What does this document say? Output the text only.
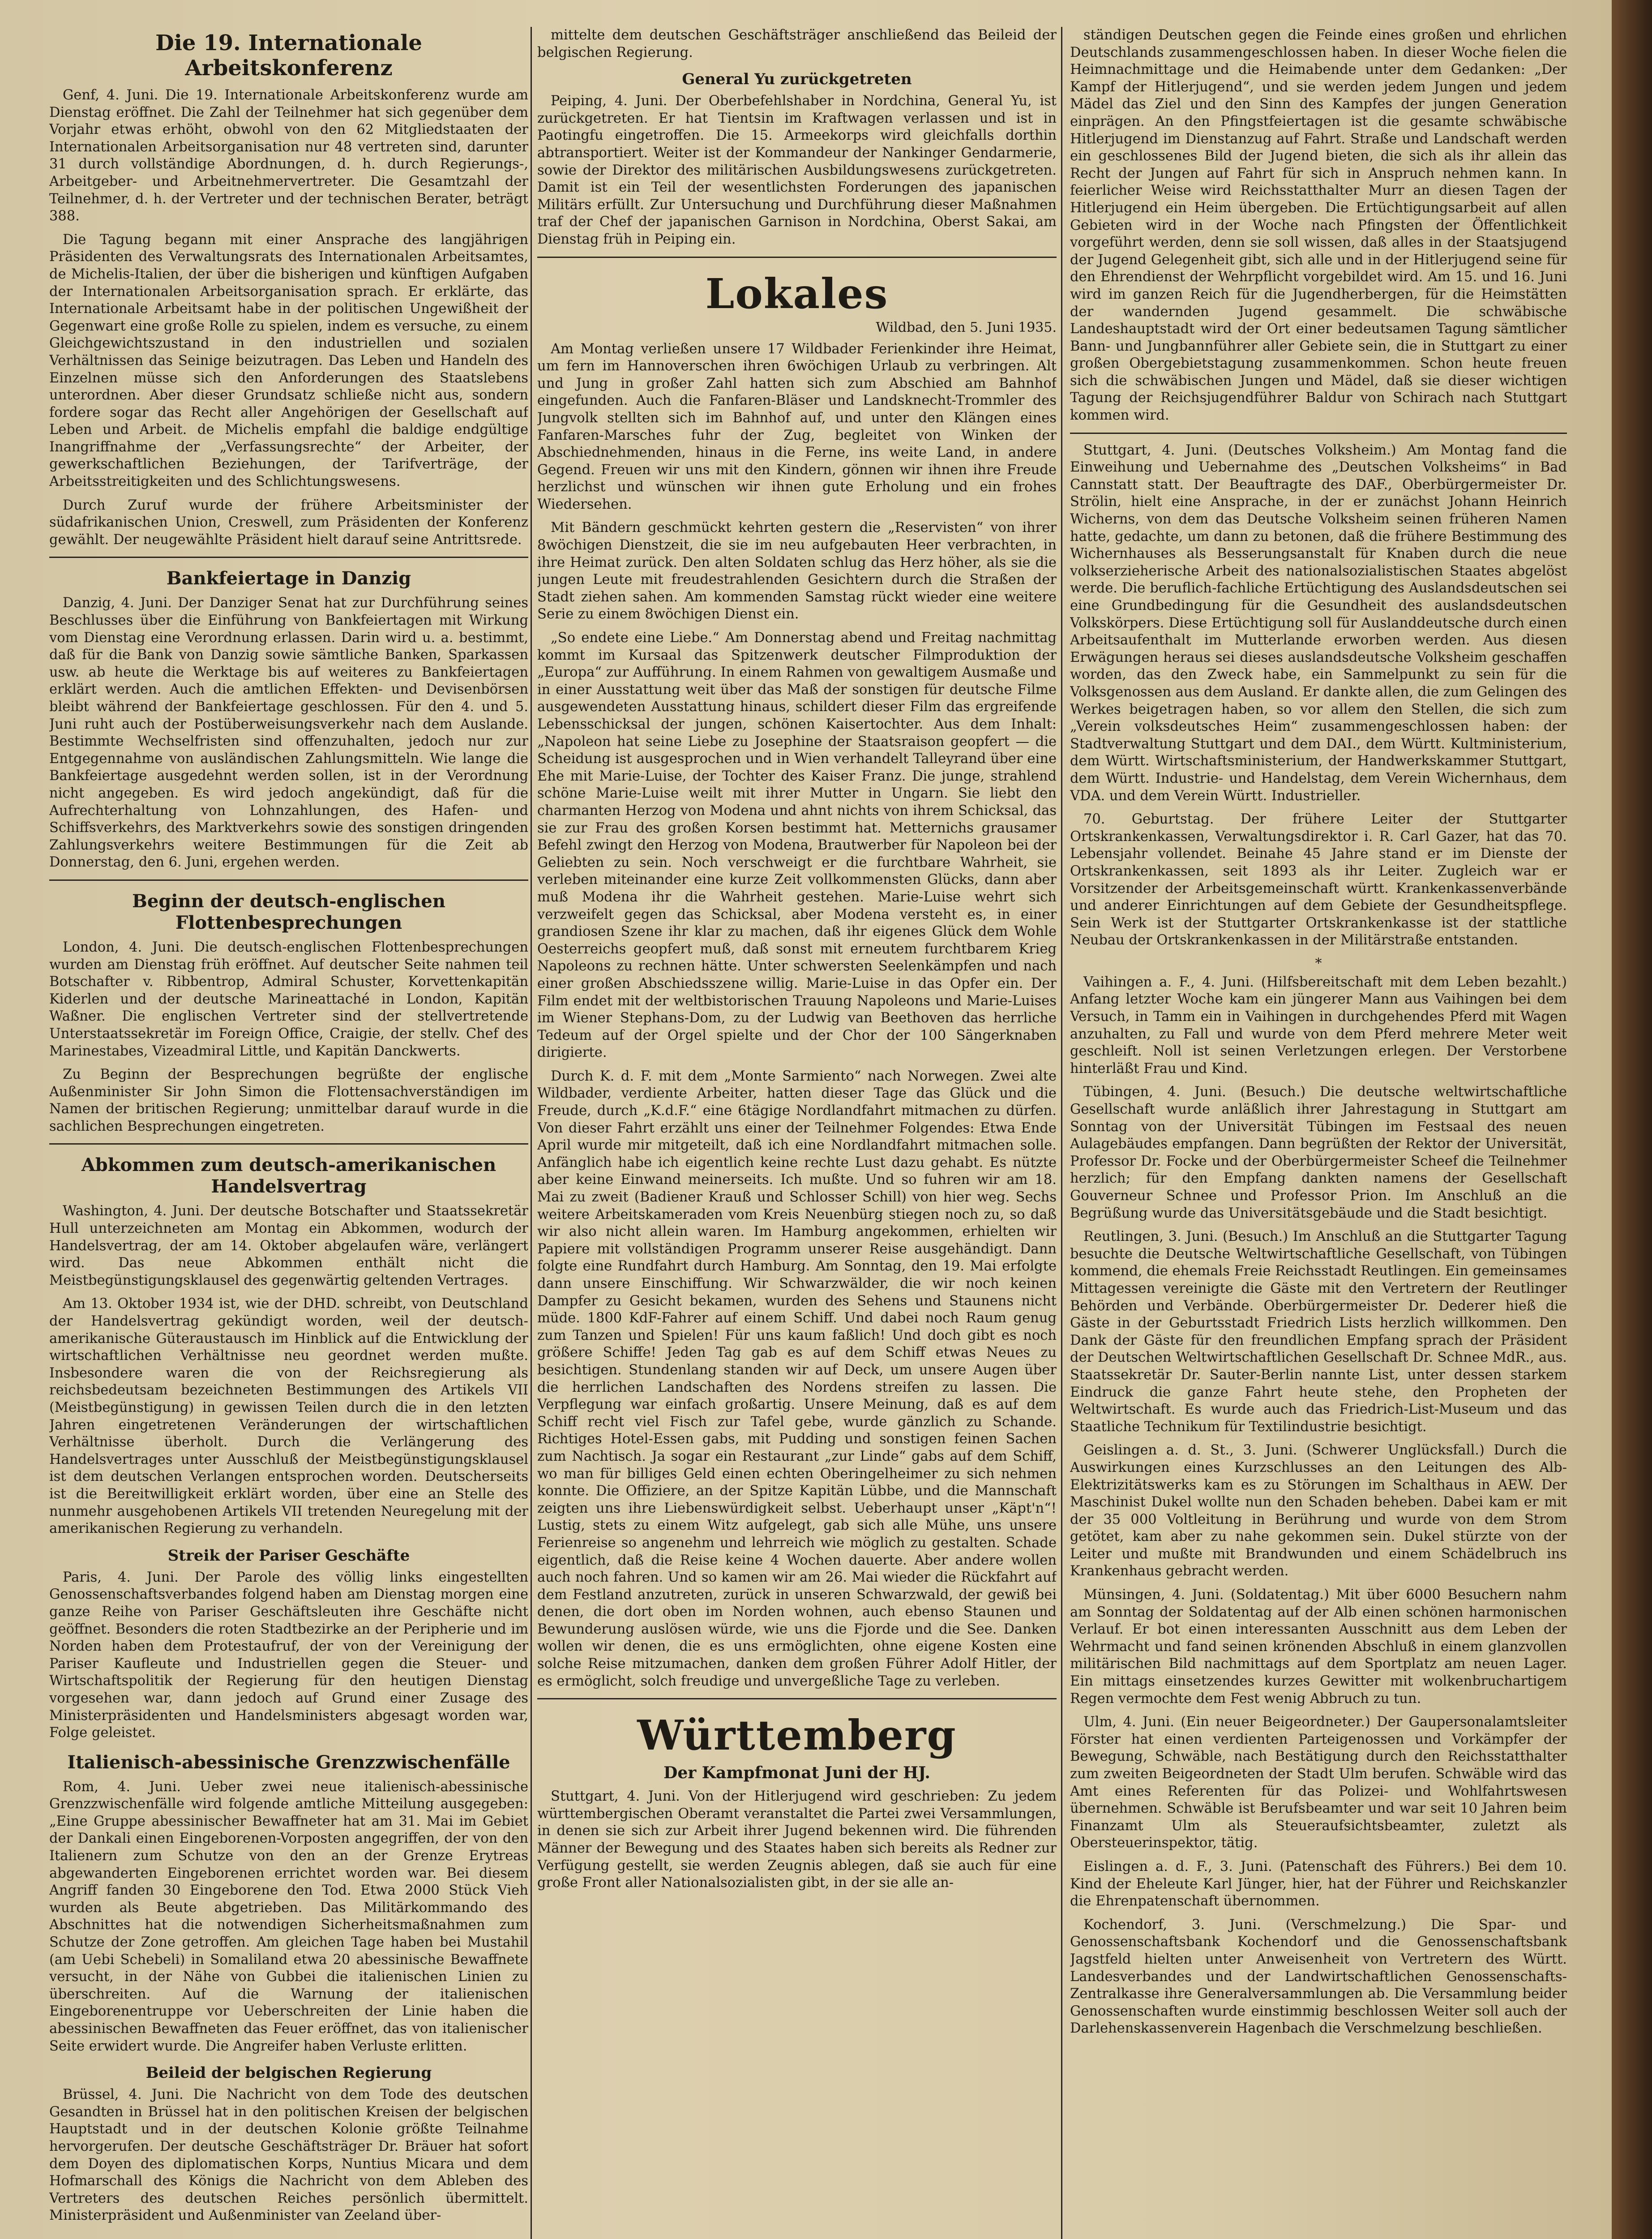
Die 19. Internationale Arbeitskonferenz

Genf, 4. Juni. Die 19. Internationale Arbeitskonferenz wurde am Dienstag eröffnet. Die Zahl der Teilnehmer hat sich gegenüber dem Vorjahr etwas erhöht, obwohl von den 62 Mitgliedstaaten der Internationalen Arbeitsorganisation nur 48 vertreten sind, darunter 31 durch vollständige Abordnungen, d. h. durch Regierungs-, Arbeitgeber- und Arbeitnehmervertreter. Die Gesamtzahl der Teilnehmer, d. h. der Vertreter und der technischen Berater, beträgt 388.

Die Tagung begann mit einer Ansprache des langjährigen Präsidenten des Verwaltungsrats des Internationalen Arbeitsamtes, de Michelis-Italien, der über die bisherigen und künftigen Aufgaben der Internationalen Arbeitsorganisation sprach. Er erklärte, das Internationale Arbeitsamt habe in der politischen Ungewißheit der Gegenwart eine große Rolle zu spielen, indem es versuche, zu einem Gleichgewichtszustand in den industriellen und sozialen Verhältnissen das Seinige beizutragen. Das Leben und Handeln des Einzelnen müsse sich den Anforderungen des Staatslebens unterordnen. Aber dieser Grundsatz schließe nicht aus, sondern fordere sogar das Recht aller Angehörigen der Gesellschaft auf Leben und Arbeit. de Michelis empfahl die baldige endgültige Inangriffnahme der „Verfassungsrechte“ der Arbeiter, der gewerkschaftlichen Beziehungen, der Tarifverträge, der Arbeitsstreitigkeiten und des Schlichtungswesens.

Durch Zuruf wurde der frühere Arbeitsminister der südafrikanischen Union, Creswell, zum Präsidenten der Konferenz gewählt. Der neugewählte Präsident hielt darauf seine Antrittsrede.

Bankfeiertage in Danzig

Danzig, 4. Juni. Der Danziger Senat hat zur Durchführung seines Beschlusses über die Einführung von Bankfeiertagen mit Wirkung vom Dienstag eine Verordnung erlassen. Darin wird u. a. bestimmt, daß für die Bank von Danzig sowie sämtliche Banken, Sparkassen usw. ab heute die Werktage bis auf weiteres zu Bankfeiertagen erklärt werden. Auch die amtlichen Effekten- und Devisenbörsen bleibt während der Bankfeiertage geschlossen. Für den 4. und 5. Juni ruht auch der Postüberweisungsverkehr nach dem Auslande. Bestimmte Wechselfristen sind offenzuhalten, jedoch nur zur Entgegennahme von ausländischen Zahlungsmitteln. Wie lange die Bankfeiertage ausgedehnt werden sollen, ist in der Verordnung nicht angegeben. Es wird jedoch angekündigt, daß für die Aufrechterhaltung von Lohnzahlungen, des Hafen- und Schiffsverkehrs, des Marktverkehrs sowie des sonstigen dringenden Zahlungsverkehrs weitere Bestimmungen für die Zeit ab Donnerstag, den 6. Juni, ergehen werden.

Beginn der deutsch-englischen Flottenbesprechungen

London, 4. Juni. Die deutsch-englischen Flottenbesprechungen wurden am Dienstag früh eröffnet. Auf deutscher Seite nahmen teil Botschafter v. Ribbentrop, Admiral Schuster, Korvettenkapitän Kiderlen und der deutsche Marineattaché in London, Kapitän Waßner. Die englischen Vertreter sind der stellvertretende Unterstaatssekretär im Foreign Office, Craigie, der stellv. Chef des Marinestabes, Vizeadmiral Little, und Kapitän Danckwerts.

Zu Beginn der Besprechungen begrüßte der englische Außenminister Sir John Simon die Flottensachverständigen im Namen der britischen Regierung; unmittelbar darauf wurde in die sachlichen Besprechungen eingetreten.

Abkommen zum deutsch-amerikanischen Handelsvertrag

Washington, 4. Juni. Der deutsche Botschafter und Staatssekretär Hull unterzeichneten am Montag ein Abkommen, wodurch der Handelsvertrag, der am 14. Oktober abgelaufen wäre, verlängert wird. Das neue Abkommen enthält nicht die Meistbegünstigungsklausel des gegenwärtig geltenden Vertrages.

Am 13. Oktober 1934 ist, wie der DHD. schreibt, von Deutschland der Handelsvertrag gekündigt worden, weil der deutsch-amerikanische Güteraustausch im Hinblick auf die Entwicklung der wirtschaftlichen Verhältnisse neu geordnet werden mußte. Insbesondere waren die von der Reichsregierung als reichsbedeutsam bezeichneten Bestimmungen des Artikels VII (Meistbegünstigung) in gewissen Teilen durch die in den letzten Jahren eingetretenen Veränderungen der wirtschaftlichen Verhältnisse überholt. Durch die Verlängerung des Handelsvertrages unter Ausschluß der Meistbegünstigungsklausel ist dem deutschen Verlangen entsprochen worden. Deutscherseits ist die Bereitwilligkeit erklärt worden, über eine an Stelle des nunmehr ausgehobenen Artikels VII tretenden Neuregelung mit der amerikanischen Regierung zu verhandeln.

Streik der Pariser Geschäfte

Paris, 4. Juni. Der Parole des völlig links eingestellten Genossenschaftsverbandes folgend haben am Dienstag morgen eine ganze Reihe von Pariser Geschäftsleuten ihre Geschäfte nicht geöffnet. Besonders die roten Stadtbezirke an der Peripherie und im Norden haben dem Protestaufruf, der von der Vereinigung der Pariser Kaufleute und Industriellen gegen die Steuer- und Wirtschaftspolitik der Regierung für den heutigen Dienstag vorgesehen war, dann jedoch auf Grund einer Zusage des Ministerpräsidenten und Handelsministers abgesagt worden war, Folge geleistet.

Italienisch-abessinische Grenzzwischenfälle

Rom, 4. Juni. Ueber zwei neue italienisch-abessinische Grenzzwischenfälle wird folgende amtliche Mitteilung ausgegeben: „Eine Gruppe abessinischer Bewaffneter hat am 31. Mai im Gebiet der Dankali einen Eingeborenen-Vorposten angegriffen, der von den Italienern zum Schutze von den an der Grenze Erytreas abgewanderten Eingeborenen errichtet worden war. Bei diesem Angriff fanden 30 Eingeborene den Tod. Etwa 2000 Stück Vieh wurden als Beute abgetrieben. Das Militärkommando des Abschnittes hat die notwendigen Sicherheitsmaßnahmen zum Schutze der Zone getroffen. Am gleichen Tage haben bei Mustahil (am Uebi Schebeli) in Somaliland etwa 20 abessinische Bewaffnete versucht, in der Nähe von Gubbei die italienischen Linien zu überschreiten. Auf die Warnung der italienischen Eingeborenentruppe vor Ueberschreiten der Linie haben die abessinischen Bewaffneten das Feuer eröffnet, das von italienischer Seite erwidert wurde. Die Angreifer haben Verluste erlitten.

Beileid der belgischen Regierung

Brüssel, 4. Juni. Die Nachricht von dem Tode des deutschen Gesandten in Brüssel hat in den politischen Kreisen der belgischen Hauptstadt und in der deutschen Kolonie größte Teilnahme hervorgerufen. Der deutsche Geschäftsträger Dr. Bräuer hat sofort dem Doyen des diplomatischen Korps, Nuntius Micara und dem Hofmarschall des Königs die Nachricht von dem Ableben des Vertreters des deutschen Reiches persönlich übermittelt. Ministerpräsident und Außenminister van Zeeland über-

mittelte dem deutschen Geschäftsträger anschließend das Beileid der belgischen Regierung.

General Yu zurückgetreten

Peiping, 4. Juni. Der Oberbefehlshaber in Nordchina, General Yu, ist zurückgetreten. Er hat Tientsin im Kraftwagen verlassen und ist in Paotingfu eingetroffen. Die 15. Armeekorps wird gleichfalls dorthin abtransportiert. Weiter ist der Kommandeur der Nankinger Gendarmerie, sowie der Direktor des militärischen Ausbildungswesens zurückgetreten. Damit ist ein Teil der wesentlichsten Forderungen des japanischen Militärs erfüllt. Zur Untersuchung und Durchführung dieser Maßnahmen traf der Chef der japanischen Garnison in Nordchina, Oberst Sakai, am Dienstag früh in Peiping ein.

Lokales
Wildbad, den 5. Juni 1935.

Am Montag verließen unsere 17 Wildbader Ferienkinder ihre Heimat, um fern im Hannoverschen ihren 6wöchigen Urlaub zu verbringen. Alt und Jung in großer Zahl hatten sich zum Abschied am Bahnhof eingefunden. Auch die Fanfaren-Bläser und Landsknecht-Trommler des Jungvolk stellten sich im Bahnhof auf, und unter den Klängen eines Fanfaren-Marsches fuhr der Zug, begleitet von Winken der Abschiednehmenden, hinaus in die Ferne, ins weite Land, in andere Gegend. Freuen wir uns mit den Kindern, gönnen wir ihnen ihre Freude herzlichst und wünschen wir ihnen gute Erholung und ein frohes Wiedersehen.

Mit Bändern geschmückt kehrten gestern die „Reservisten“ von ihrer 8wöchigen Dienstzeit, die sie im neu aufgebauten Heer verbrachten, in ihre Heimat zurück. Den alten Soldaten schlug das Herz höher, als sie die jungen Leute mit freudestrahlenden Gesichtern durch die Straßen der Stadt ziehen sahen. Am kommenden Samstag rückt wieder eine weitere Serie zu einem 8wöchigen Dienst ein.

„So endete eine Liebe.“ Am Donnerstag abend und Freitag nachmittag kommt im Kursaal das Spitzenwerk deutscher Filmproduktion der „Europa“ zur Aufführung. In einem Rahmen von gewaltigem Ausmaße und in einer Ausstattung weit über das Maß der sonstigen für deutsche Filme ausgewendeten Ausstattung hinaus, schildert dieser Film das ergreifende Lebensschicksal der jungen, schönen Kaisertochter. Aus dem Inhalt: „Napoleon hat seine Liebe zu Josephine der Staatsraison geopfert — die Scheidung ist ausgesprochen und in Wien verhandelt Talleyrand über eine Ehe mit Marie-Luise, der Tochter des Kaiser Franz. Die junge, strahlend schöne Marie-Luise weilt mit ihrer Mutter in Ungarn. Sie liebt den charmanten Herzog von Modena und ahnt nichts von ihrem Schicksal, das sie zur Frau des großen Korsen bestimmt hat. Metternichs grausamer Befehl zwingt den Herzog von Modena, Brautwerber für Napoleon bei der Geliebten zu sein. Noch verschweigt er die furchtbare Wahrheit, sie verleben miteinander eine kurze Zeit vollkommensten Glücks, dann aber muß Modena ihr die Wahrheit gestehen. Marie-Luise wehrt sich verzweifelt gegen das Schicksal, aber Modena versteht es, in einer grandiosen Szene ihr klar zu machen, daß ihr eigenes Glück dem Wohle Oesterreichs geopfert muß, daß sonst mit erneutem furchtbarem Krieg Napoleons zu rechnen hätte. Unter schwersten Seelenkämpfen und nach einer großen Abschiedsszene willig. Marie-Luise in das Opfer ein. Der Film endet mit der weltbistorischen Trauung Napoleons und Marie-Luises im Wiener Stephans-Dom, zu der Ludwig van Beethoven das herrliche Tedeum auf der Orgel spielte und der Chor der 100 Sängerknaben dirigierte.

Durch K. d. F. mit dem „Monte Sarmiento“ nach Norwegen. Zwei alte Wildbader, verdiente Arbeiter, hatten dieser Tage das Glück und die Freude, durch „K.d.F.“ eine 6tägige Nordlandfahrt mitmachen zu dürfen. Von dieser Fahrt erzählt uns einer der Teilnehmer Folgendes: Etwa Ende April wurde mir mitgeteilt, daß ich eine Nordlandfahrt mitmachen solle. Anfänglich habe ich eigentlich keine rechte Lust dazu gehabt. Es nützte aber keine Einwand meinerseits. Ich mußte. Und so fuhren wir am 18. Mai zu zweit (Badiener Krauß und Schlosser Schill) von hier weg. Sechs weitere Arbeitskameraden vom Kreis Neuenbürg stiegen noch zu, so daß wir also nicht allein waren. Im Hamburg angekommen, erhielten wir Papiere mit vollständigen Programm unserer Reise ausgehändigt. Dann folgte eine Rundfahrt durch Hamburg. Am Sonntag, den 19. Mai erfolgte dann unsere Einschiffung. Wir Schwarzwälder, die wir noch keinen Dampfer zu Gesicht bekamen, wurden des Sehens und Staunens nicht müde. 1800 KdF-Fahrer auf einem Schiff. Und dabei noch Raum genug zum Tanzen und Spielen! Für uns kaum faßlich! Und doch gibt es noch größere Schiffe! Jeden Tag gab es auf dem Schiff etwas Neues zu besichtigen. Stundenlang standen wir auf Deck, um unsere Augen über die herrlichen Landschaften des Nordens streifen zu lassen. Die Verpflegung war einfach großartig. Unsere Meinung, daß es auf dem Schiff recht viel Fisch zur Tafel gebe, wurde gänzlich zu Schande. Richtiges Hotel-Essen gabs, mit Pudding und sonstigen feinen Sachen zum Nachtisch. Ja sogar ein Restaurant „zur Linde“ gabs auf dem Schiff, wo man für billiges Geld einen echten Oberingelheimer zu sich nehmen konnte. Die Offiziere, an der Spitze Kapitän Lübbe, und die Mannschaft zeigten uns ihre Liebenswürdigkeit selbst. Ueberhaupt unser „Käpt'n“! Lustig, stets zu einem Witz aufgelegt, gab sich alle Mühe, uns unsere Ferienreise so angenehm und lehrreich wie möglich zu gestalten. Schade eigentlich, daß die Reise keine 4 Wochen dauerte. Aber andere wollen auch noch fahren. Und so kamen wir am 26. Mai wieder die Rückfahrt auf dem Festland anzutreten, zurück in unseren Schwarzwald, der gewiß bei denen, die dort oben im Norden wohnen, auch ebenso Staunen und Bewunderung auslösen würde, wie uns die Fjorde und die See. Danken wollen wir denen, die es uns ermöglichten, ohne eigene Kosten eine solche Reise mitzumachen, danken dem großen Führer Adolf Hitler, der es ermöglicht, solch freudige und unvergeßliche Tage zu verleben.

Württemberg
Der Kampfmonat Juni der HJ.

Stuttgart, 4. Juni. Von der Hitlerjugend wird geschrieben: Zu jedem württembergischen Oberamt veranstaltet die Partei zwei Versammlungen, in denen sie sich zur Arbeit ihrer Jugend bekennen wird. Die führenden Männer der Bewegung und des Staates haben sich bereits als Redner zur Verfügung gestellt, sie werden Zeugnis ablegen, daß sie auch für eine große Front aller Nationalsozialisten gibt, in der sie alle an-

ständigen Deutschen gegen die Feinde eines großen und ehrlichen Deutschlands zusammengeschlossen haben. In dieser Woche fielen die Heimnachmittage und die Heimabende unter dem Gedanken: „Der Kampf der Hitlerjugend“, und sie werden jedem Jungen und jedem Mädel das Ziel und den Sinn des Kampfes der jungen Generation einprägen. An den Pfingstfeiertagen ist die gesamte schwäbische Hitlerjugend im Dienstanzug auf Fahrt. Straße und Landschaft werden ein geschlossenes Bild der Jugend bieten, die sich als ihr allein das Recht der Jungen auf Fahrt für sich in Anspruch nehmen kann. In feierlicher Weise wird Reichsstatthalter Murr an diesen Tagen der Hitlerjugend ein Heim übergeben. Die Ertüchtigungsarbeit auf allen Gebieten wird in der Woche nach Pfingsten der Öffentlichkeit vorgeführt werden, denn sie soll wissen, daß alles in der Staatsjugend der Jugend Gelegenheit gibt, sich alle und in der Hitlerjugend seine für den Ehrendienst der Wehrpflicht vorgebildet wird. Am 15. und 16. Juni wird im ganzen Reich für die Jugendherbergen, für die Heimstätten der wandernden Jugend gesammelt. Die schwäbische Landeshauptstadt wird der Ort einer bedeutsamen Tagung sämtlicher Bann- und Jungbannführer aller Gebiete sein, die in Stuttgart zu einer großen Obergebietstagung zusammenkommen. Schon heute freuen sich die schwäbischen Jungen und Mädel, daß sie dieser wichtigen Tagung der Reichsjugendführer Baldur von Schirach nach Stuttgart kommen wird.

Stuttgart, 4. Juni. (Deutsches Volksheim.) Am Montag fand die Einweihung und Uebernahme des „Deutschen Volksheims“ in Bad Cannstatt statt. Der Beauftragte des DAF., Oberbürgermeister Dr. Strölin, hielt eine Ansprache, in der er zunächst Johann Heinrich Wicherns, von dem das Deutsche Volksheim seinen früheren Namen hatte, gedachte, um dann zu betonen, daß die frühere Bestimmung des Wichernhauses als Besserungsanstalt für Knaben durch die neue volkserzieherische Arbeit des nationalsozialistischen Staates abgelöst werde. Die beruflich-fachliche Ertüchtigung des Auslandsdeutschen sei eine Grundbedingung für die Gesundheit des auslandsdeutschen Volkskörpers. Diese Ertüchtigung soll für Auslanddeutsche durch einen Arbeitsaufenthalt im Mutterlande erworben werden. Aus diesen Erwägungen heraus sei dieses auslandsdeutsche Volksheim geschaffen worden, das den Zweck habe, ein Sammelpunkt zu sein für die Volksgenossen aus dem Ausland. Er dankte allen, die zum Gelingen des Werkes beigetragen haben, so vor allem den Stellen, die sich zum „Verein volksdeutsches Heim“ zusammengeschlossen haben: der Stadtverwaltung Stuttgart und dem DAI., dem Württ. Kultministerium, dem Württ. Wirtschaftsministerium, der Handwerkskammer Stuttgart, dem Württ. Industrie- und Handelstag, dem Verein Wichernhaus, dem VDA. und dem Verein Württ. Industrieller.

70. Geburtstag. Der frühere Leiter der Stuttgarter Ortskrankenkassen, Verwaltungsdirektor i. R. Carl Gazer, hat das 70. Lebensjahr vollendet. Beinahe 45 Jahre stand er im Dienste der Ortskrankenkassen, seit 1893 als ihr Leiter. Zugleich war er Vorsitzender der Arbeitsgemeinschaft württ. Krankenkassenverbände und anderer Einrichtungen auf dem Gebiete der Gesundheitspflege. Sein Werk ist der Stuttgarter Ortskrankenkasse ist der stattliche Neubau der Ortskrankenkassen in der Militärstraße entstanden.

*

Vaihingen a. F., 4. Juni. (Hilfsbereitschaft mit dem Leben bezahlt.) Anfang letzter Woche kam ein jüngerer Mann aus Vaihingen bei dem Versuch, in Tamm ein in Vaihingen in durchgehendes Pferd mit Wagen anzuhalten, zu Fall und wurde von dem Pferd mehrere Meter weit geschleift. Noll ist seinen Verletzungen erlegen. Der Verstorbene hinterläßt Frau und Kind.

Tübingen, 4. Juni. (Besuch.) Die deutsche weltwirtschaftliche Gesellschaft wurde anläßlich ihrer Jahrestagung in Stuttgart am Sonntag von der Universität Tübingen im Festsaal des neuen Aulagebäudes empfangen. Dann begrüßten der Rektor der Universität, Professor Dr. Focke und der Oberbürgermeister Scheef die Teilnehmer herzlich; für den Empfang dankten namens der Gesellschaft Gouverneur Schnee und Professor Prion. Im Anschluß an die Begrüßung wurde das Universitätsgebäude und die Stadt besichtigt.

Reutlingen, 3. Juni. (Besuch.) Im Anschluß an die Stuttgarter Tagung besuchte die Deutsche Weltwirtschaftliche Gesellschaft, von Tübingen kommend, die ehemals Freie Reichsstadt Reutlingen. Ein gemeinsames Mittagessen vereinigte die Gäste mit den Vertretern der Reutlinger Behörden und Verbände. Oberbürgermeister Dr. Dederer hieß die Gäste in der Geburtsstadt Friedrich Lists herzlich willkommen. Den Dank der Gäste für den freundlichen Empfang sprach der Präsident der Deutschen Weltwirtschaftlichen Gesellschaft Dr. Schnee MdR., aus. Staatssekretär Dr. Sauter-Berlin nannte List, unter dessen starkem Eindruck die ganze Fahrt heute stehe, den Propheten der Weltwirtschaft. Es wurde auch das Friedrich-List-Museum und das Staatliche Technikum für Textilindustrie besichtigt.

Geislingen a. d. St., 3. Juni. (Schwerer Unglücksfall.) Durch die Auswirkungen eines Kurzschlusses an den Leitungen des Alb-Elektrizitätswerks kam es zu Störungen im Schalthaus in AEW. Der Maschinist Dukel wollte nun den Schaden beheben. Dabei kam er mit der 35 000 Voltleitung in Berührung und wurde von dem Strom getötet, kam aber zu nahe gekommen sein. Dukel stürzte von der Leiter und mußte mit Brandwunden und einem Schädelbruch ins Krankenhaus gebracht werden.

Münsingen, 4. Juni. (Soldatentag.) Mit über 6000 Besuchern nahm am Sonntag der Soldatentag auf der Alb einen schönen harmonischen Verlauf. Er bot einen interessanten Ausschnitt aus dem Leben der Wehrmacht und fand seinen krönenden Abschluß in einem glanzvollen militärischen Bild nachmittags auf dem Sportplatz am neuen Lager. Ein mittags einsetzendes kurzes Gewitter mit wolkenbruchartigem Regen vermochte dem Fest wenig Abbruch zu tun.

Ulm, 4. Juni. (Ein neuer Beigeordneter.) Der Gaupersonalamtsleiter Förster hat einen verdienten Parteigenossen und Vorkämpfer der Bewegung, Schwäble, nach Bestätigung durch den Reichsstatthalter zum zweiten Beigeordneten der Stadt Ulm berufen. Schwäble wird das Amt eines Referenten für das Polizei- und Wohlfahrtswesen übernehmen. Schwäble ist Berufsbeamter und war seit 10 Jahren beim Finanzamt Ulm als Steueraufsichtsbeamter, zuletzt als Obersteuerinspektor, tätig.

Eislingen a. d. F., 3. Juni. (Patenschaft des Führers.) Bei dem 10. Kind der Eheleute Karl Jünger, hier, hat der Führer und Reichskanzler die Ehrenpatenschaft übernommen.

Kochendorf, 3. Juni. (Verschmelzung.) Die Spar- und Genossenschaftsbank Kochendorf und die Genossenschaftsbank Jagstfeld hielten unter Anweisenheit von Vertretern des Württ. Landesverbandes und der Landwirtschaftlichen Genossenschafts-Zentralkasse ihre Generalversammlungen ab. Die Versammlung beider Genossenschaften wurde einstimmig beschlossen Weiter soll auch der Darlehenskassenverein Hagenbach die Verschmelzung beschließen.
